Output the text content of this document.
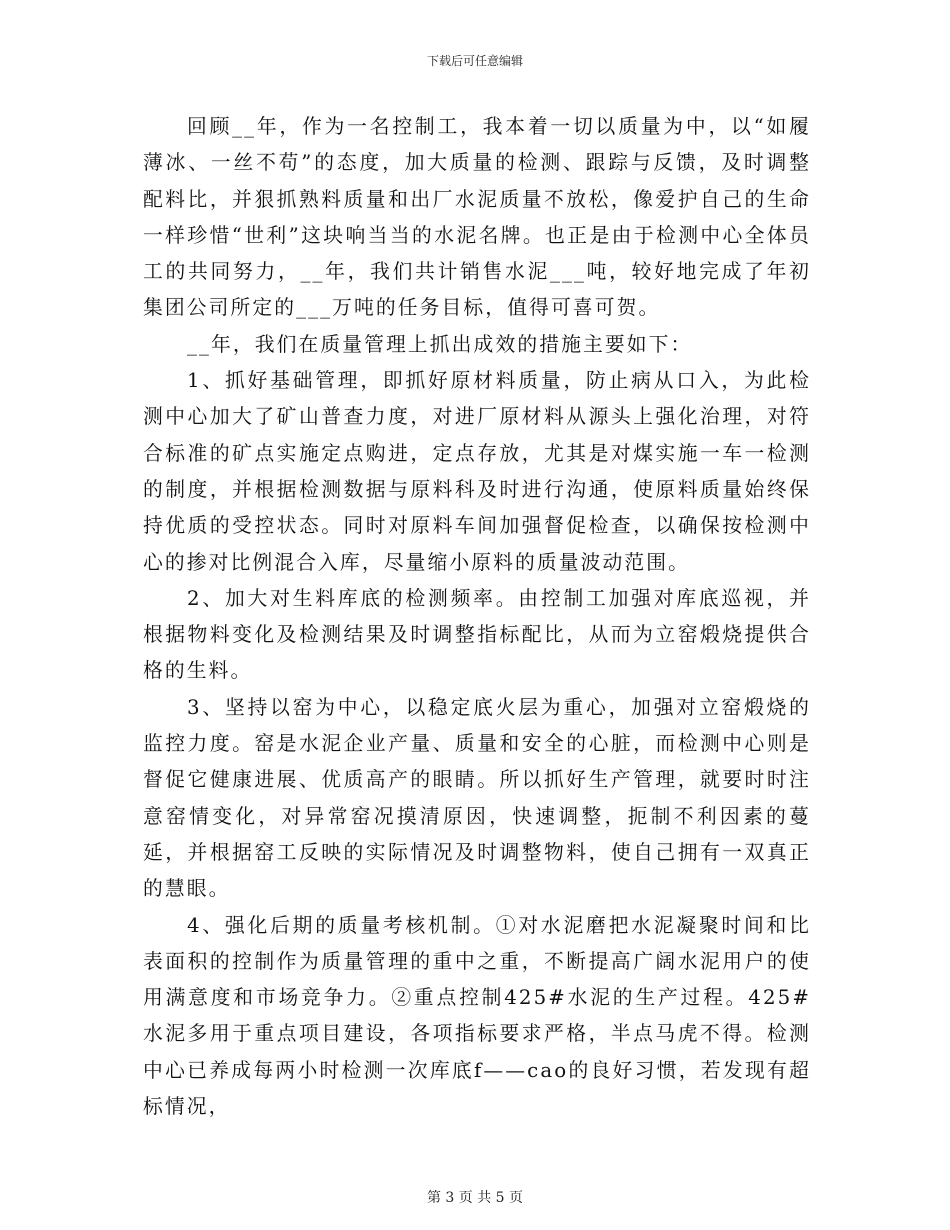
下载后可任意编辑

回顾__年，作为一名控制工，我本着一切以质量为中，以“如履薄冰、一丝不苟”的态度，加大质量的检测、跟踪与反馈，及时调整配料比，并狠抓熟料质量和出厂水泥质量不放松，像爱护自己的生命一样珍惜“世利”这块响当当的水泥名牌。也正是由于检测中心全体员工的共同努力，__年，我们共计销售水泥___吨，较好地完成了年初集团公司所定的___万吨的任务目标，值得可喜可贺。

__年，我们在质量管理上抓出成效的措施主要如下：

1、抓好基础管理，即抓好原材料质量，防止病从口入，为此检测中心加大了矿山普查力度，对进厂原材料从源头上强化治理，对符合标准的矿点实施定点购进，定点存放，尤其是对煤实施一车一检测的制度，并根据检测数据与原料科及时进行沟通，使原料质量始终保持优质的受控状态。同时对原料车间加强督促检查，以确保按检测中心的掺对比例混合入库，尽量缩小原料的质量波动范围。

2、加大对生料库底的检测频率。由控制工加强对库底巡视，并根据物料变化及检测结果及时调整指标配比，从而为立窑煅烧提供合格的生料。

3、坚持以窑为中心，以稳定底火层为重心，加强对立窑煅烧的监控力度。窑是水泥企业产量、质量和安全的心脏，而检测中心则是督促它健康进展、优质高产的眼睛。所以抓好生产管理，就要时时注意窑情变化，对异常窑况摸清原因，快速调整，扼制不利因素的蔓延，并根据窑工反映的实际情况及时调整物料，使自己拥有一双真正的慧眼。

4、强化后期的质量考核机制。①对水泥磨把水泥凝聚时间和比表面积的控制作为质量管理的重中之重，不断提高广阔水泥用户的使用满意度和市场竞争力。②重点控制425#水泥的生产过程。425#水泥多用于重点项目建设，各项指标要求严格，半点马虎不得。检测中心已养成每两小时检测一次库底f——cao的良好习惯，若发现有超标情况，

第 3 页 共 5 页
